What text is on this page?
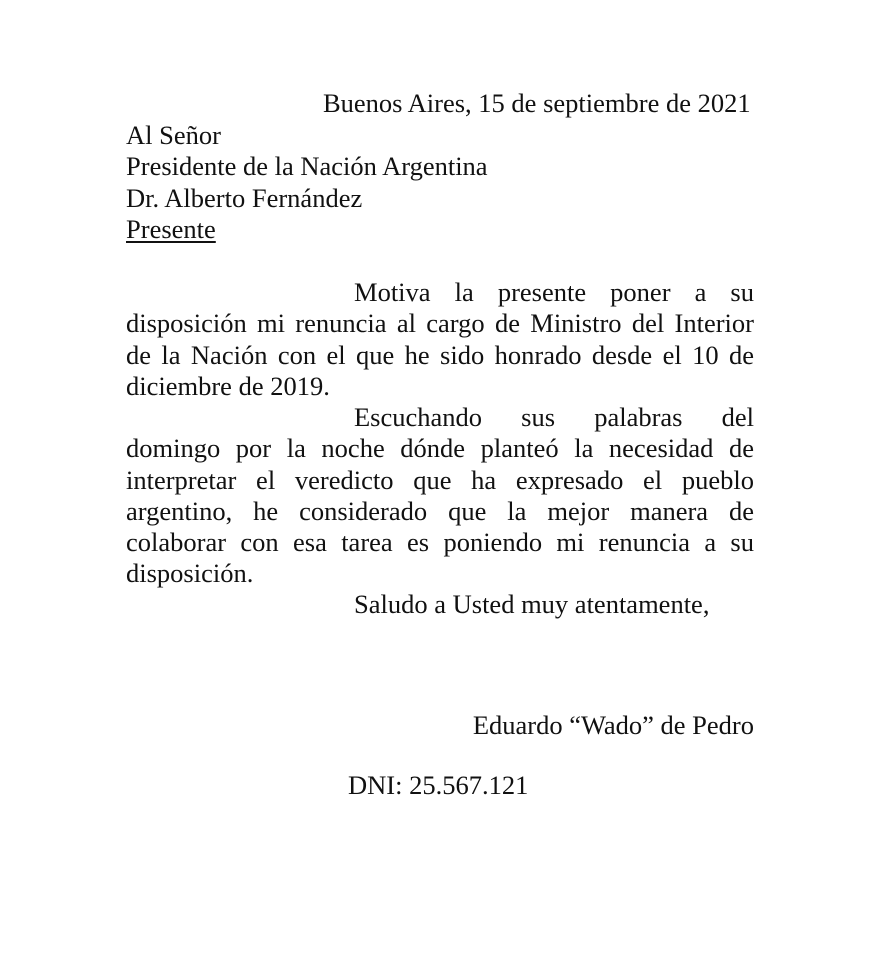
Buenos Aires, 15 de septiembre de 2021
Al Señor
Presidente de la Nación Argentina
Dr. Alberto Fernández
Presente
Motiva la presente poner a su
disposición mi renuncia al cargo de Ministro del Interior
de la Nación con el que he sido honrado desde el 10 de
diciembre de 2019.
Escuchando sus palabras del
domingo por la noche dónde planteó la necesidad de
interpretar el veredicto que ha expresado el pueblo
argentino, he considerado que la mejor manera de
colaborar con esa tarea es poniendo mi renuncia a su
disposición.
Saludo a Usted muy atentamente,
Eduardo “Wado” de Pedro
DNI: 25.567.121
